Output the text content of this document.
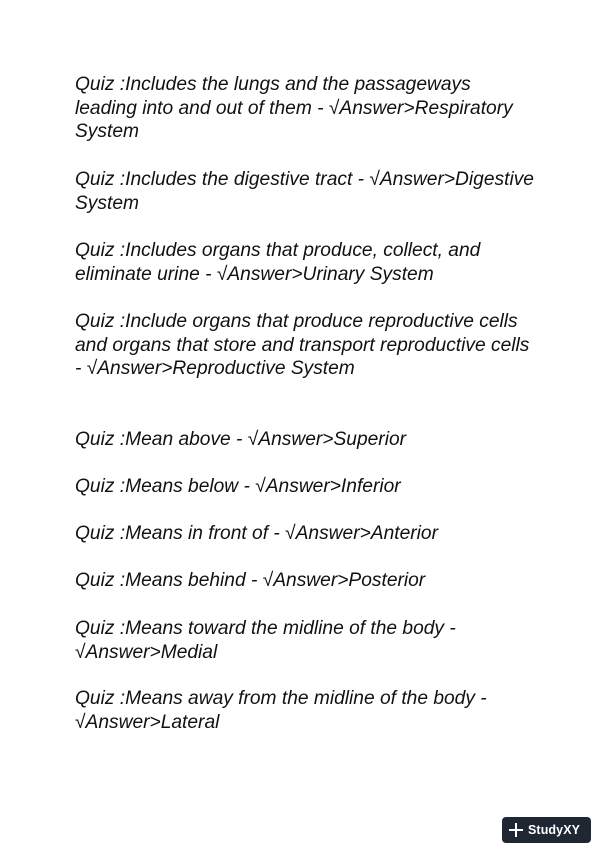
Quiz :Includes the lungs and the passageways leading into and out of them - √Answer>Respiratory System

Quiz :Includes the digestive tract - √Answer>Digestive System

Quiz :Includes organs that produce, collect, and eliminate urine - √Answer>Urinary System

Quiz :Include organs that produce reproductive cells and organs that store and transport reproductive cells - √Answer>Reproductive System

Quiz :Mean above - √Answer>Superior

Quiz :Means below - √Answer>Inferior

Quiz :Means in front of - √Answer>Anterior

Quiz :Means behind - √Answer>Posterior

Quiz :Means toward the midline of the body - √Answer>Medial

Quiz :Means away from the midline of the body - √Answer>Lateral

StudyXY
